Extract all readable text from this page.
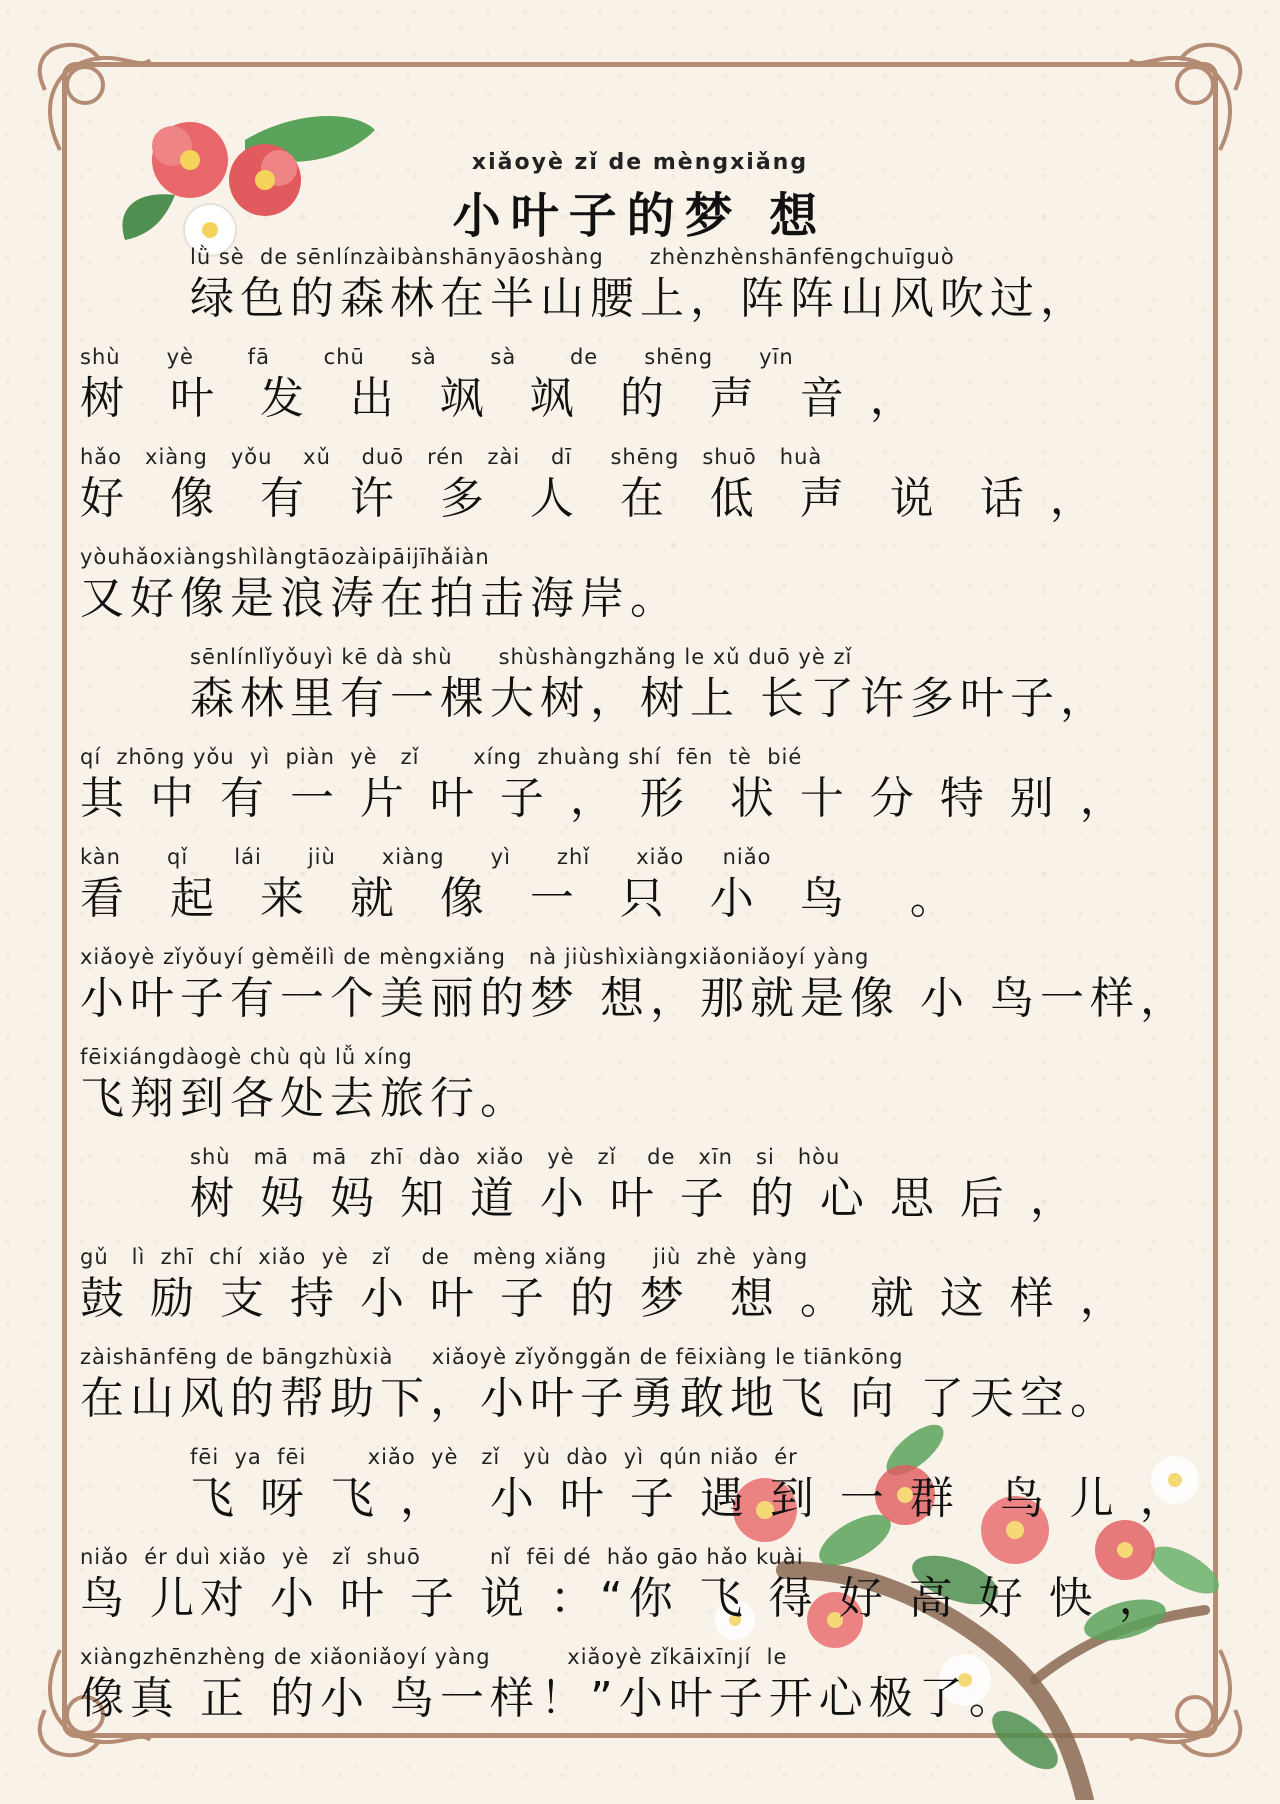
xiǎoyè zǐ de mèngxiǎng
小叶子的梦 想
lǜ sè  de sēnlínzàibànshānyāoshàng      zhènzhènshānfēngchuīguò
绿色的森林在半山腰上，阵阵山风吹过，
shù      yè       fā       chū      sà       sà       de      shēng      yīn
树  叶  发  出  飒  飒  的  声  音 ，
hǎo   xiàng   yǒu    xǔ    duō   rén   zài    dī     shēng   shuō   huà
好  像  有  许  多  人  在  低  声  说  话 ，
yòuhǎoxiàngshìlàngtāozàipāijīhǎiàn
又好像是浪涛在拍击海岸。
sēnlínlǐyǒuyì kē dà shù      shùshàngzhǎng le xǔ duō yè zǐ
森林里有一棵大树，树上 长了许多叶子，
qí  zhōng yǒu  yì  piàn  yè   zǐ       xíng  zhuàng shí  fēn  tè  bié
其 中 有 一 片 叶 子 ， 形  状 十 分 特 别 ，
kàn      qǐ      lái      jiù      xiàng      yì      zhǐ      xiǎo     niǎo
看  起  来  就  像  一  只  小  鸟   。
xiǎoyè zǐyǒuyí gèměilì de mèngxiǎng   nà jiùshìxiàngxiǎoniǎoyí yàng
小叶子有一个美丽的梦 想，那就是像 小 鸟一样，
fēixiángdàogè chù qù lǚ xíng
飞翔到各处去旅行。
shù   mā   mā   zhī  dào  xiǎo   yè   zǐ    de   xīn   si   hòu
树 妈 妈 知 道 小 叶 子 的 心 思 后 ，
gǔ   lì  zhī  chí  xiǎo  yè   zǐ    de   mèng xiǎng      jiù  zhè  yàng
鼓 励 支 持 小 叶 子 的 梦  想 。 就 这 样 ，
zàishānfēng de bāngzhùxià     xiǎoyè zǐyǒnggǎn de fēixiàng le tiānkōng
在山风的帮助下，小叶子勇敢地飞 向 了天空。
fēi  ya  fēi        xiǎo  yè   zǐ   yù  dào  yì  qún niǎo  ér
飞 呀 飞 ，  小 叶 子 遇 到 一 群  鸟 儿 ，
niǎo  ér duì xiǎo  yè   zǐ  shuō         nǐ  fēi dé  hǎo gāo hǎo kuài
鸟 儿对 小 叶 子 说 ：“你 飞 得 好 高 好 快 ，
xiàngzhēnzhèng de xiǎoniǎoyí yàng          xiǎoyè zǐkāixīnjí  le
像真 正 的小 鸟一样！”小叶子开心极了。
